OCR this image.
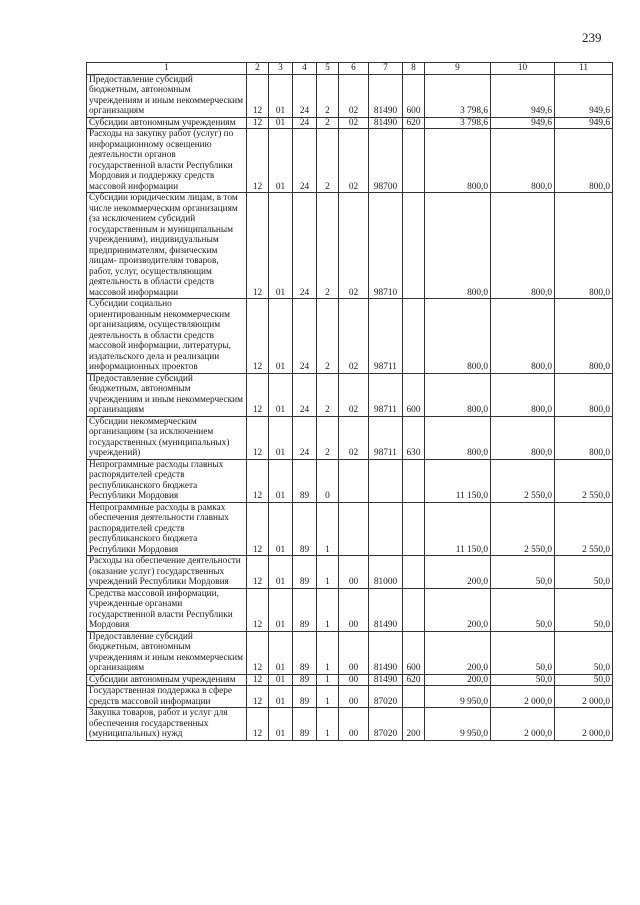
239
1	2	3	4	5	6	7	8	9	10	11
Предоставление субсидий бюджетным, автономным учреждениям и иным некоммерческим организациям	12	01	24	2	02	81490	600	3 798,6	949,6	949,6
Субсидии автономным учреждениям	12	01	24	2	02	81490	620	3 798,6	949,6	949,6
Расходы на закупку работ (услуг) по информационному освещению деятельности органов государственной власти Республики Мордовия и поддержку средств массовой информации	12	01	24	2	02	98700		800,0	800,0	800,0
Субсидии юридическим лицам, в том числе некоммерческим организациям (за исключением субсидий государственным и муниципальным учреждениям), индивидуальным предпринимателям, физическим лицам- производителям товаров, работ, услуг, осуществляющим деятельность в области средств массовой информации	12	01	24	2	02	98710		800,0	800,0	800,0
Субсидии социально ориентированным некоммерческим организациям, осуществляющим деятельность в области средств массовой информации, литературы, издательского дела и реализации информационных проектов	12	01	24	2	02	98711		800,0	800,0	800,0
Предоставление субсидий бюджетным, автономным учреждениям и иным некоммерческим организациям	12	01	24	2	02	98711	600	800,0	800,0	800,0
Субсидии некоммерческим организациям (за исключением государственных (муниципальных) учреждений)	12	01	24	2	02	98711	630	800,0	800,0	800,0
Непрограммные расходы главных распорядителей средств республиканского бюджета Республики Мордовия	12	01	89	0				11 150,0	2 550,0	2 550,0
Непрограммные расходы в рамках обеспечения деятельности главных распорядителей средств республиканского бюджета Республики Мордовия	12	01	89	1				11 150,0	2 550,0	2 550,0
Расходы на обеспечение деятельности (оказание услуг) государственных учреждений Республики Мордовия	12	01	89	1	00	81000		200,0	50,0	50,0
Средства массовой информации, учрежденные органами государственной власти Республики Мордовия	12	01	89	1	00	81490		200,0	50,0	50,0
Предоставление субсидий бюджетным, автономным учреждениям и иным некоммерческим организациям	12	01	89	1	00	81490	600	200,0	50,0	50,0
Субсидии автономным учреждениям	12	01	89	1	00	81490	620	200,0	50,0	50,0
Государственная поддержка в сфере средств массовой информации	12	01	89	1	00	87020		9 950,0	2 000,0	2 000,0
Закупка товаров, работ и услуг для обеспечения государственных (муниципальных) нужд	12	01	89	1	00	87020	200	9 950,0	2 000,0	2 000,0
